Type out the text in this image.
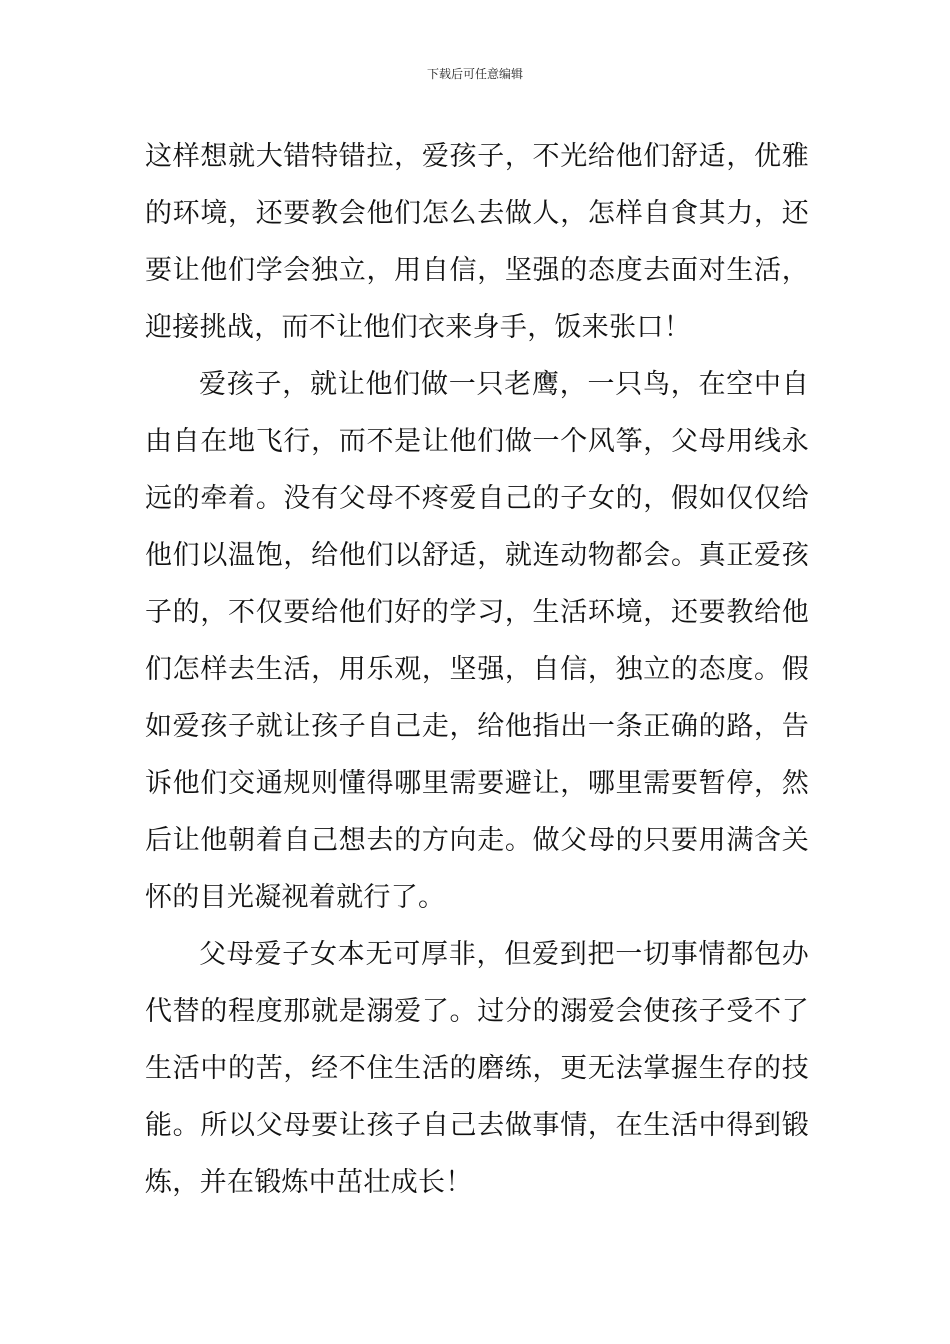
下载后可任意编辑

这样想就大错特错拉，爱孩子，不光给他们舒适，优雅的环境，还要教会他们怎么去做人，怎样自食其力，还要让他们学会独立，用自信，坚强的态度去面对生活，迎接挑战，而不让他们衣来身手，饭来张口！

爱孩子，就让他们做一只老鹰，一只鸟，在空中自由自在地飞行，而不是让他们做一个风筝，父母用线永远的牵着。没有父母不疼爱自己的子女的，假如仅仅给他们以温饱，给他们以舒适，就连动物都会。真正爱孩子的，不仅要给他们好的学习，生活环境，还要教给他们怎样去生活，用乐观，坚强，自信，独立的态度。假如爱孩子就让孩子自己走，给他指出一条正确的路，告诉他们交通规则懂得哪里需要避让，哪里需要暂停，然后让他朝着自己想去的方向走。做父母的只要用满含关怀的目光凝视着就行了。

父母爱子女本无可厚非，但爱到把一切事情都包办代替的程度那就是溺爱了。过分的溺爱会使孩子受不了生活中的苦，经不住生活的磨练，更无法掌握生存的技能。所以父母要让孩子自己去做事情，在生活中得到锻炼，并在锻炼中茁壮成长！
